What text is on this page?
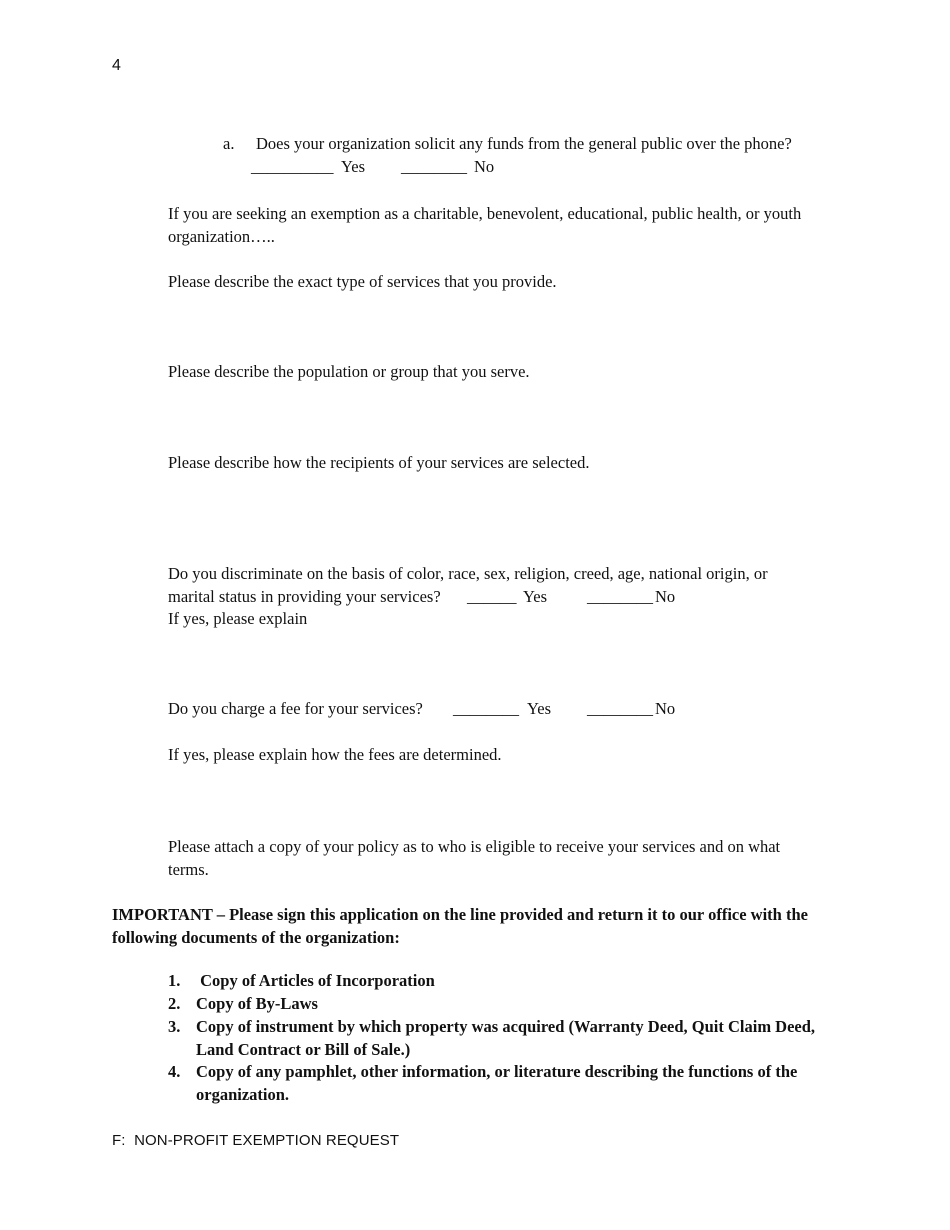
4
a. Does your organization solicit any funds from the general public over the phone?
__________ Yes ________ No
If you are seeking an exemption as a charitable, benevolent, educational, public health, or youth
organization…..
Please describe the exact type of services that you provide.
Please describe the population or group that you serve.
Please describe how the recipients of your services are selected.
Do you discriminate on the basis of color, race, sex, religion, creed, age, national origin, or
marital status in providing your services? ______ Yes ________ No
If yes, please explain
Do you charge a fee for your services? ________ Yes ________ No
If yes, please explain how the fees are determined.
Please attach a copy of your policy as to who is eligible to receive your services and on what
terms.
IMPORTANT – Please sign this application on the line provided and return it to our office with the
following documents of the organization:
1. Copy of Articles of Incorporation
2. Copy of By-Laws
3. Copy of instrument by which property was acquired (Warranty Deed, Quit Claim Deed,
Land Contract or Bill of Sale.)
4. Copy of any pamphlet, other information, or literature describing the functions of the
organization.
F:  NON-PROFIT EXEMPTION REQUEST
